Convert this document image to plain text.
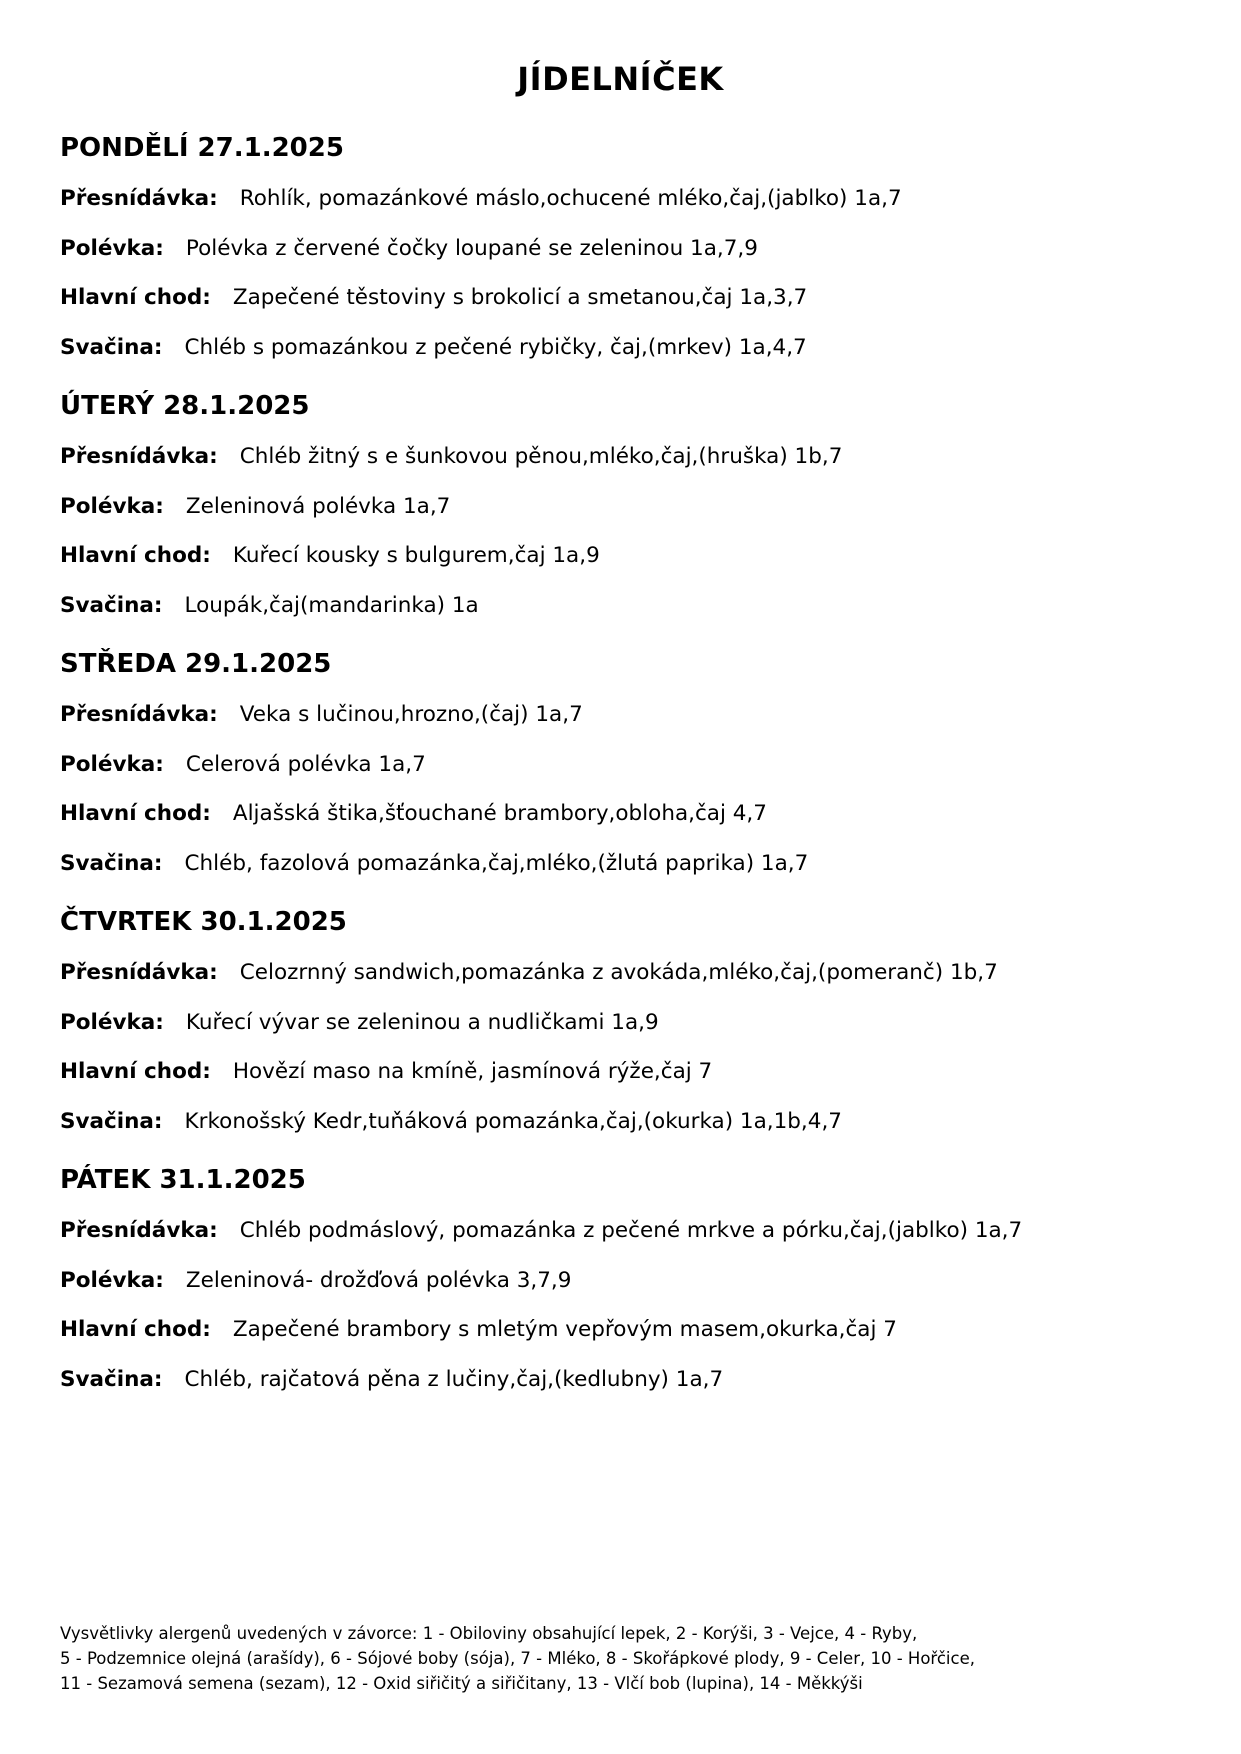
JÍDELNÍČEK
PONDĚLÍ 27.1.2025
Přesnídávka: Rohlík, pomazánkové máslo,ochucené mléko,čaj,(jablko) 1a,7
Polévka: Polévka z červené čočky loupané se zeleninou 1a,7,9
Hlavní chod: Zapečené těstoviny s brokolicí a smetanou,čaj 1a,3,7
Svačina: Chléb s pomazánkou z pečené rybičky, čaj,(mrkev) 1a,4,7
ÚTERÝ 28.1.2025
Přesnídávka: Chléb žitný s e šunkovou pěnou,mléko,čaj,(hruška) 1b,7
Polévka: Zeleninová polévka 1a,7
Hlavní chod: Kuřecí kousky s bulgurem,čaj 1a,9
Svačina: Loupák,čaj(mandarinka) 1a
STŘEDA 29.1.2025
Přesnídávka: Veka s lučinou,hrozno,(čaj) 1a,7
Polévka: Celerová polévka 1a,7
Hlavní chod: Aljašská štika,šťouchané brambory,obloha,čaj 4,7
Svačina: Chléb, fazolová pomazánka,čaj,mléko,(žlutá paprika) 1a,7
ČTVRTEK 30.1.2025
Přesnídávka: Celozrnný sandwich,pomazánka z avokáda,mléko,čaj,(pomeranč) 1b,7
Polévka: Kuřecí vývar se zeleninou a nudličkami 1a,9
Hlavní chod: Hovězí maso na kmíně, jasmínová rýže,čaj 7
Svačina: Krkonošský Kedr,tuňáková pomazánka,čaj,(okurka) 1a,1b,4,7
PÁTEK 31.1.2025
Přesnídávka: Chléb podmáslový, pomazánka z pečené mrkve a pórku,čaj,(jablko) 1a,7
Polévka: Zeleninová- drožďová polévka 3,7,9
Hlavní chod: Zapečené brambory s mletým vepřovým masem,okurka,čaj 7
Svačina: Chléb, rajčatová pěna z lučiny,čaj,(kedlubny) 1a,7
Vysvětlivky alergenů uvedených v závorce: 1 - Obiloviny obsahující lepek, 2 - Korýši, 3 - Vejce, 4 - Ryby,
5 - Podzemnice olejná (arašídy), 6 - Sójové boby (sója), 7 - Mléko, 8 - Skořápkové plody, 9 - Celer, 10 - Hořčice,
11 - Sezamová semena (sezam), 12 - Oxid siřičitý a siřičitany, 13 - Vlčí bob (lupina), 14 - Měkkýši
